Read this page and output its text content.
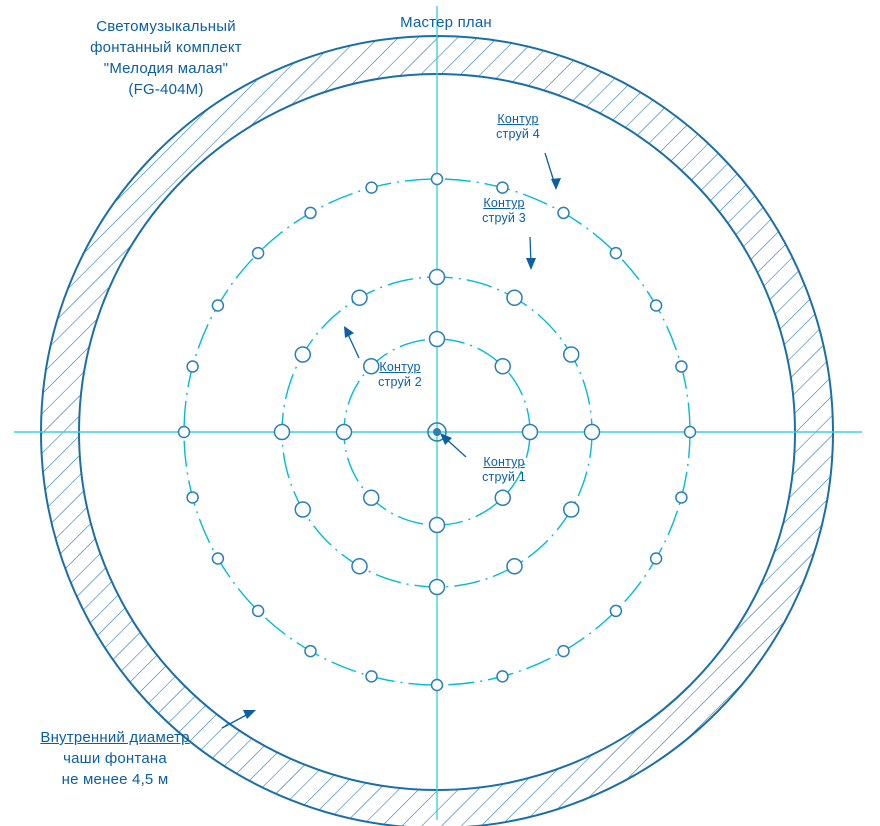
Светомузыкальный
фонтанный комплект
"Мелодия малая"
(FG-404M)
Мастер план
Контур
струй 4
Контур
струй 3
Контур
струй 2
Контур
струй 1
Внутренний диаметр
чаши фонтана
не менее 4,5 м
